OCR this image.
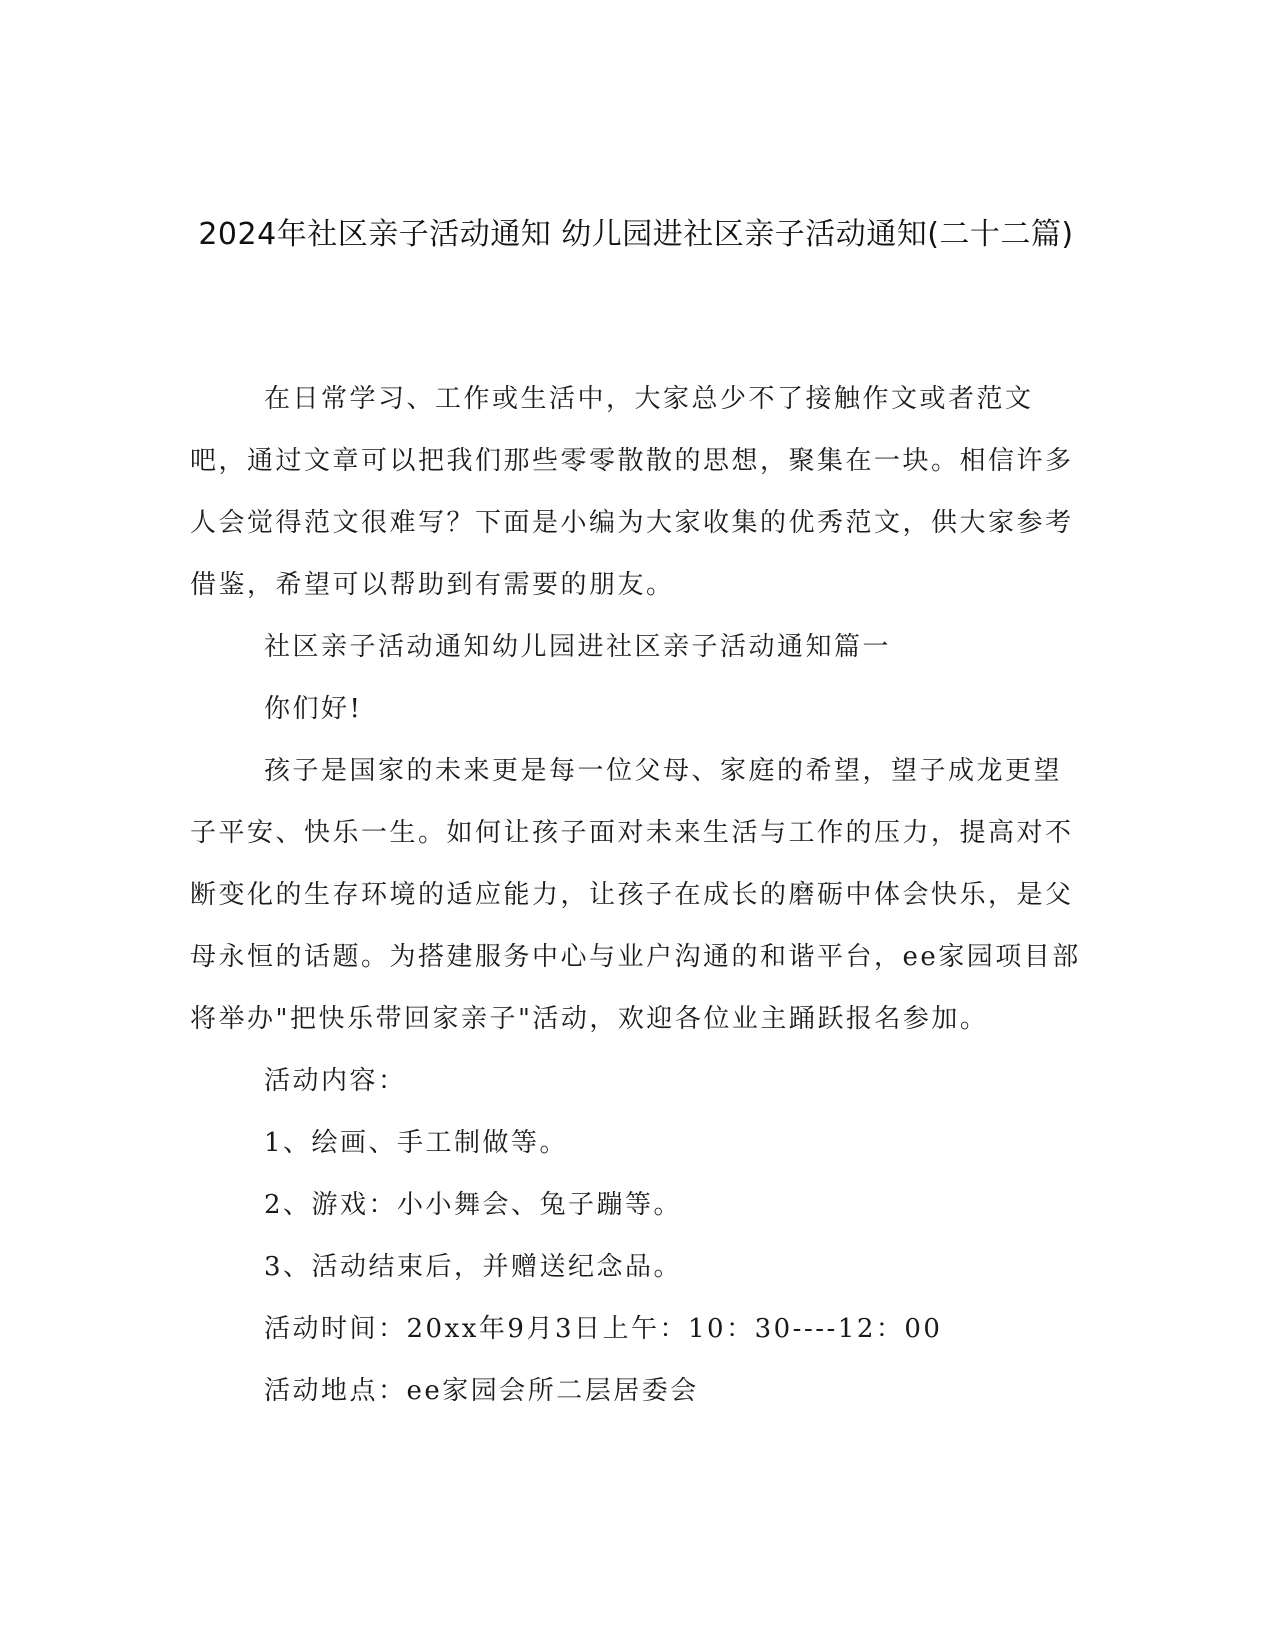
2024年社区亲子活动通知 幼儿园进社区亲子活动通知(二十二篇)

在日常学习、工作或生活中，大家总少不了接触作文或者范文吧，通过文章可以把我们那些零零散散的思想，聚集在一块。相信许多人会觉得范文很难写？下面是小编为大家收集的优秀范文，供大家参考借鉴，希望可以帮助到有需要的朋友。

社区亲子活动通知幼儿园进社区亲子活动通知篇一

你们好!

孩子是国家的未来更是每一位父母、家庭的希望，望子成龙更望子平安、快乐一生。如何让孩子面对未来生活与工作的压力，提高对不断变化的生存环境的适应能力，让孩子在成长的磨砺中体会快乐，是父母永恒的话题。为搭建服务中心与业户沟通的和谐平台，ee家园项目部将举办"把快乐带回家亲子"活动，欢迎各位业主踊跃报名参加。

活动内容：

1、绘画、手工制做等。

2、游戏：小小舞会、兔子蹦等。

3、活动结束后，并赠送纪念品。

活动时间：20xx年9月3日上午：10：30----12：00

活动地点：ee家园会所二层居委会
